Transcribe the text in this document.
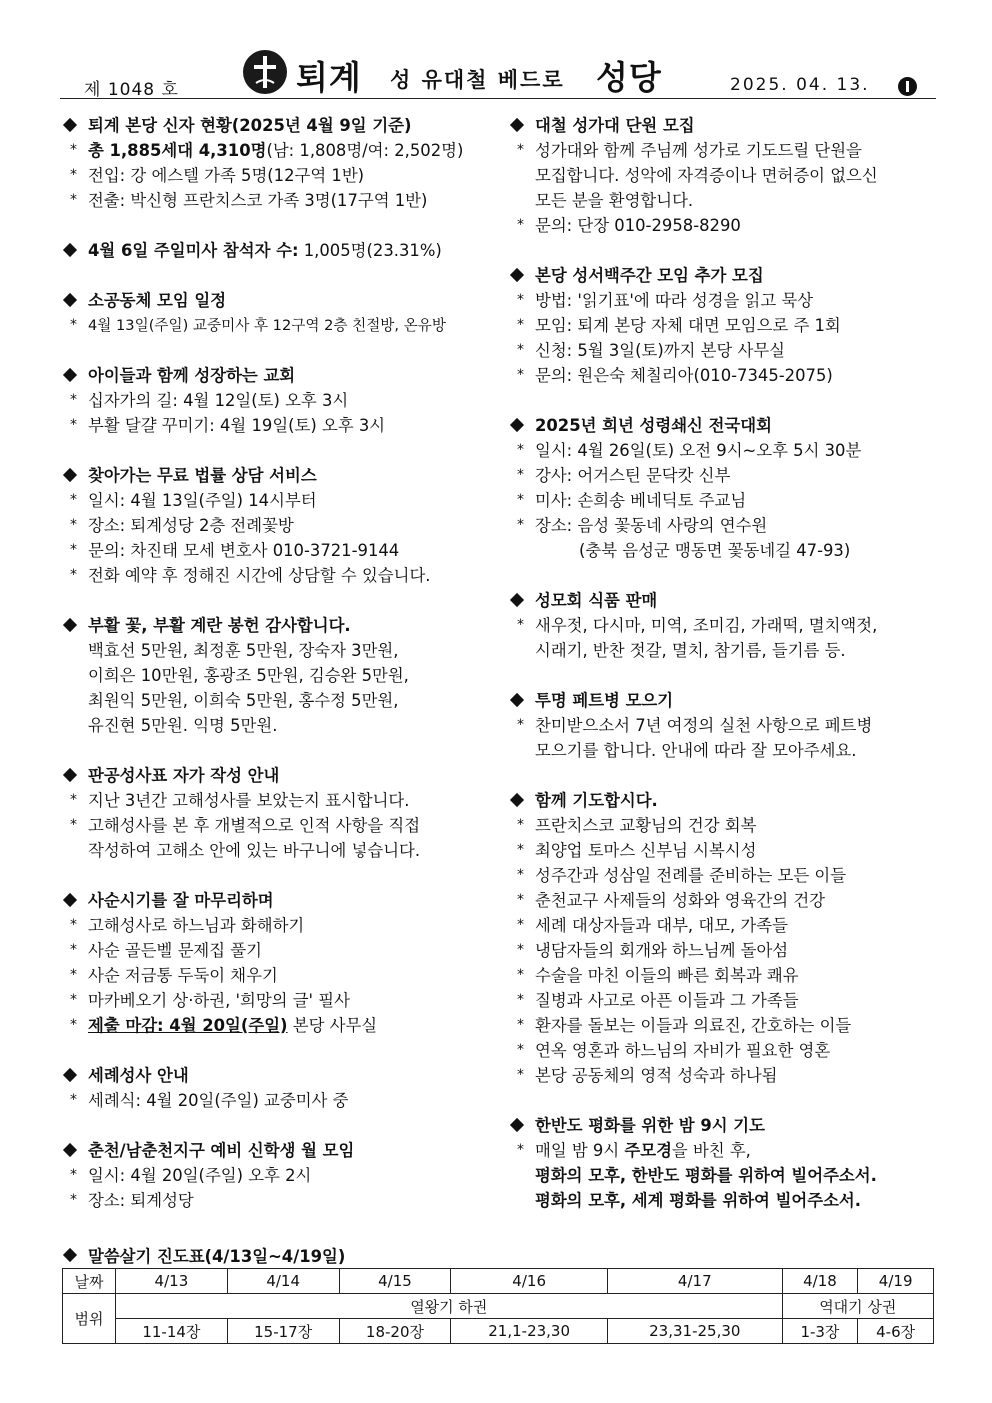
제 1048 호	퇴계 성 유대철 베드로 성당	2025. 04. 13.
퇴계 본당 신자 현황(2025년 4월 9일 기준)
* 총 1,885세대 4,310명(남: 1,808명/여: 2,502명)
* 전입: 강 에스텔 가족 5명(12구역 1반)
* 전출: 박신형 프란치스코 가족 3명(17구역 1반)
4월 6일 주일미사 참석자 수: 1,005명(23.31%)
소공동체 모임 일정
* 4월 13일(주일) 교중미사 후 12구역 2층 친절방, 온유방
아이들과 함께 성장하는 교회
* 십자가의 길: 4월 12일(토) 오후 3시
* 부활 달걀 꾸미기: 4월 19일(토) 오후 3시
찾아가는 무료 법률 상담 서비스
* 일시: 4월 13일(주일) 14시부터
* 장소: 퇴계성당 2층 전례꽃방
* 문의: 차진태 모세 변호사 010-3721-9144
* 전화 예약 후 정해진 시간에 상담할 수 있습니다.
부활 꽃, 부활 계란 봉헌 감사합니다.
백효선 5만원, 최정훈 5만원, 장숙자 3만원,
이희은 10만원, 홍광조 5만원, 김승완 5만원,
최원익 5만원, 이희숙 5만원, 홍수정 5만원,
유진현 5만원. 익명 5만원.
판공성사표 자가 작성 안내
* 지난 3년간 고해성사를 보았는지 표시합니다.
* 고해성사를 본 후 개별적으로 인적 사항을 직접
작성하여 고해소 안에 있는 바구니에 넣습니다.
사순시기를 잘 마무리하며
* 고해성사로 하느님과 화해하기
* 사순 골든벨 문제집 풀기
* 사순 저금통 두둑이 채우기
* 마카베오기 상·하권, '희망의 글' 필사
* 제출 마감: 4월 20일(주일) 본당 사무실
세례성사 안내
* 세례식: 4월 20일(주일) 교중미사 중
춘천/남춘천지구 예비 신학생 월 모임
* 일시: 4월 20일(주일) 오후 2시
* 장소: 퇴계성당
대철 성가대 단원 모집
* 성가대와 함께 주님께 성가로 기도드릴 단원을
모집합니다. 성악에 자격증이나 면허증이 없으신
모든 분을 환영합니다.
* 문의: 단장 010-2958-8290
본당 성서백주간 모임 추가 모집
* 방법: '읽기표'에 따라 성경을 읽고 묵상
* 모임: 퇴계 본당 자체 대면 모임으로 주 1회
* 신청: 5월 3일(토)까지 본당 사무실
* 문의: 원은숙 체칠리아(010-7345-2075)
2025년 희년 성령쇄신 전국대회
* 일시: 4월 26일(토) 오전 9시~오후 5시 30분
* 강사: 어거스틴 문닥캇 신부
* 미사: 손희송 베네딕토 주교님
* 장소: 음성 꽃동네 사랑의 연수원
(충북 음성군 맹동면 꽃동네길 47-93)
성모회 식품 판매
* 새우젓, 다시마, 미역, 조미김, 가래떡, 멸치액젓,
시래기, 반찬 젓갈, 멸치, 참기름, 들기름 등.
투명 페트병 모으기
* 찬미받으소서 7년 여정의 실천 사항으로 페트병
모으기를 합니다. 안내에 따라 잘 모아주세요.
함께 기도합시다.
* 프란치스코 교황님의 건강 회복
* 최양업 토마스 신부님 시복시성
* 성주간과 성삼일 전례를 준비하는 모든 이들
* 춘천교구 사제들의 성화와 영육간의 건강
* 세례 대상자들과 대부, 대모, 가족들
* 냉담자들의 회개와 하느님께 돌아섬
* 수술을 마친 이들의 빠른 회복과 쾌유
* 질병과 사고로 아픈 이들과 그 가족들
* 환자를 돌보는 이들과 의료진, 간호하는 이들
* 연옥 영혼과 하느님의 자비가 필요한 영혼
* 본당 공동체의 영적 성숙과 하나됨
한반도 평화를 위한 밤 9시 기도
* 매일 밤 9시 주모경을 바친 후,
평화의 모후, 한반도 평화를 위하여 빌어주소서.
평화의 모후, 세계 평화를 위하여 빌어주소서.
말씀살기 진도표(4/13일~4/19일)
날짜	4/13	4/14	4/15	4/16	4/17	4/18	4/19
범위	열왕기 하권					역대기 상권	
	11-14장	15-17장	18-20장	21,1-23,30	23,31-25,30	1-3장	4-6장
